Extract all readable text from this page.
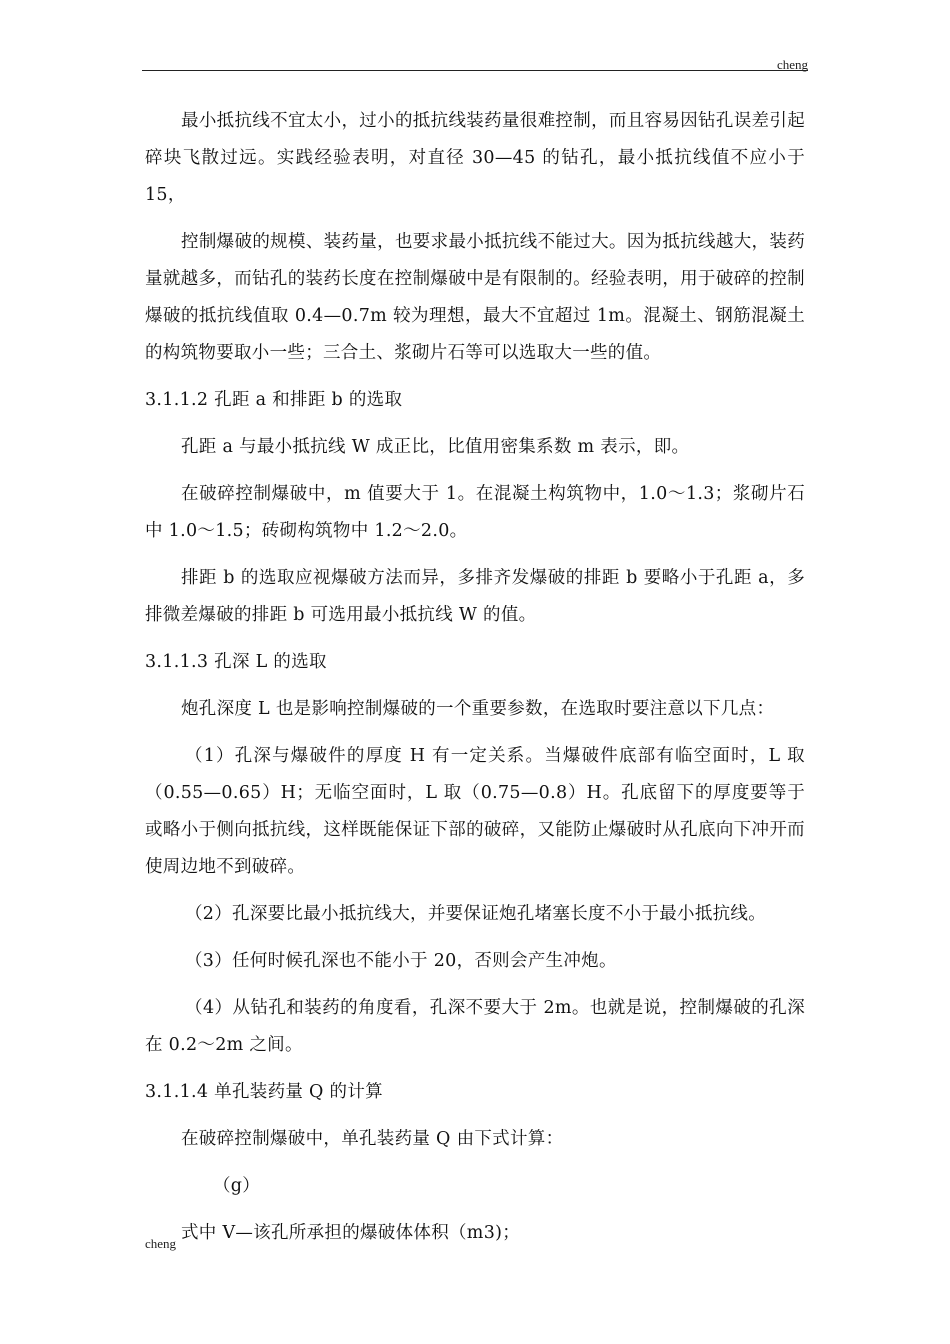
cheng

最小抵抗线不宜太小，过小的抵抗线装药量很难控制，而且容易因钻孔误差引起碎块飞散过远。实践经验表明，对直径 30—45 的钻孔，最小抵抗线值不应小于 15，

控制爆破的规模、装药量，也要求最小抵抗线不能过大。因为抵抗线越大，装药量就越多，而钻孔的装药长度在控制爆破中是有限制的。经验表明，用于破碎的控制爆破的抵抗线值取 0.4—0.7m 较为理想，最大不宜超过 1m。混凝土、钢筋混凝土的构筑物要取小一些；三合土、浆砌片石等可以选取大一些的值。

3.1.1.2 孔距 a 和排距 b 的选取

孔距 a 与最小抵抗线 W 成正比，比值用密集系数 m 表示，即。

在破碎控制爆破中，m 值要大于 1。在混凝土构筑物中，1.0～1.3；浆砌片石中 1.0～1.5；砖砌构筑物中 1.2～2.0。

排距 b 的选取应视爆破方法而异，多排齐发爆破的排距 b 要略小于孔距 a，多排微差爆破的排距 b 可选用最小抵抗线 W 的值。

3.1.1.3 孔深 L 的选取

炮孔深度 L 也是影响控制爆破的一个重要参数，在选取时要注意以下几点：

（1）孔深与爆破件的厚度 H 有一定关系。当爆破件底部有临空面时，L 取（0.55—0.65）H；无临空面时，L 取（0.75—0.8）H。孔底留下的厚度要等于或略小于侧向抵抗线，这样既能保证下部的破碎，又能防止爆破时从孔底向下冲开而使周边地不到破碎。

（2）孔深要比最小抵抗线大，并要保证炮孔堵塞长度不小于最小抵抗线。

（3）任何时候孔深也不能小于 20，否则会产生冲炮。

（4）从钻孔和装药的角度看，孔深不要大于 2m。也就是说，控制爆破的孔深在 0.2～2m 之间。

3.1.1.4 单孔装药量 Q 的计算

在破碎控制爆破中，单孔装药量 Q 由下式计算：

（g）

式中 V—该孔所承担的爆破体体积（m3)；

cheng
